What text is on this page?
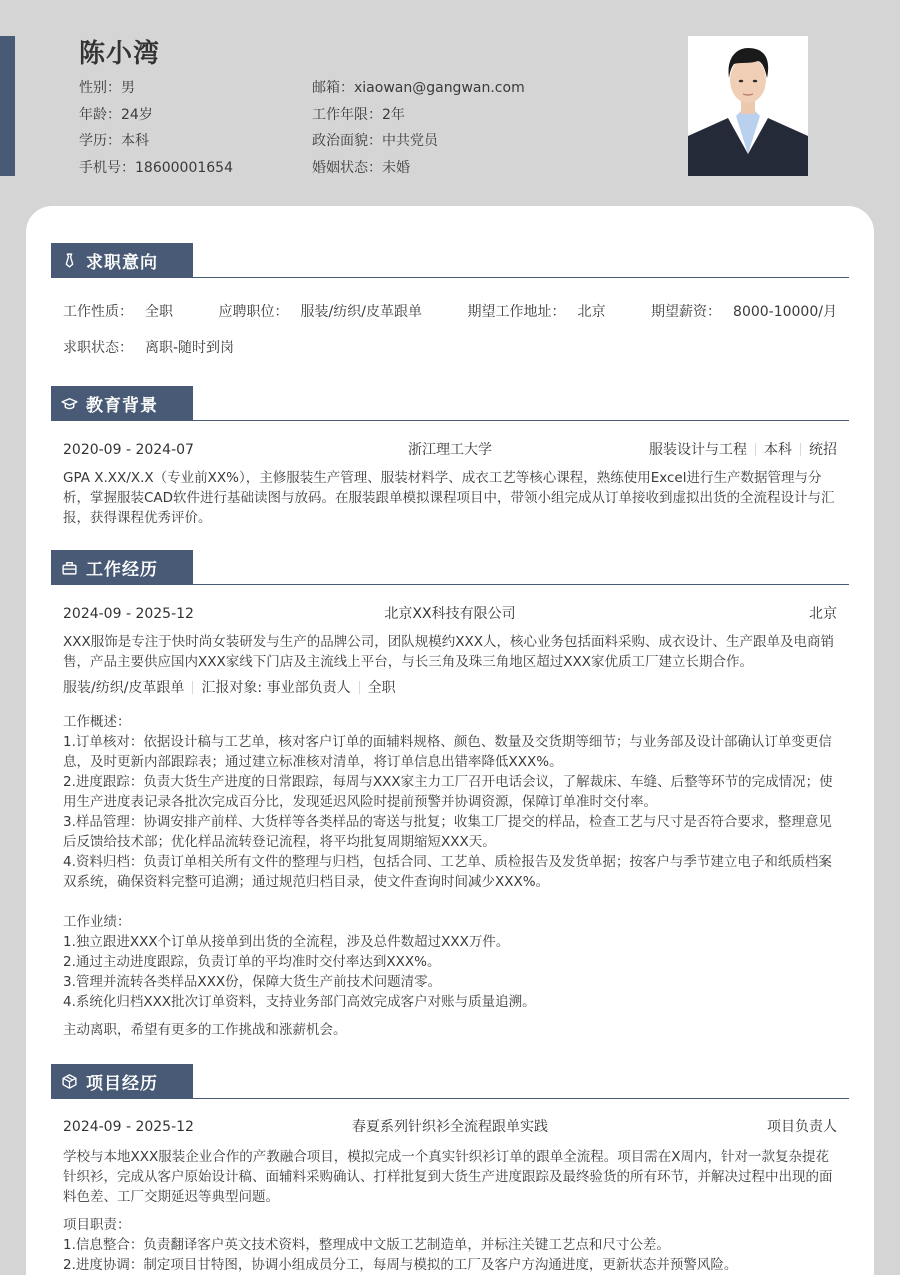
陈小湾
性别：男
年龄：24岁
学历：本科
手机号：18600001654
邮箱：xiaowan@gangwan.com
工作年限：2年
政治面貌：中共党员
婚姻状态：未婚
求职意向
工作性质： 全职	应聘职位： 服装/纺织/皮革跟单	期望工作地址： 北京	期望薪资： 8000-10000/月
求职状态： 离职-随时到岗
教育背景
2020-09 - 2024-07	浙江理工大学	服装设计与工程 本科 统招
GPA X.XX/X.X（专业前XX%），主修服装生产管理、服装材料学、成衣工艺等核心课程，熟练使用Excel进行生产数据管理与分析，掌握服装CAD软件进行基础读图与放码。在服装跟单模拟课程项目中，带领小组完成从订单接收到虚拟出货的全流程设计与汇报，获得课程优秀评价。
工作经历
2024-09 - 2025-12	北京XX科技有限公司	北京
XXX服饰是专注于快时尚女装研发与生产的品牌公司，团队规模约XXX人，核心业务包括面料采购、成衣设计、生产跟单及电商销售，产品主要供应国内XXX家线下门店及主流线上平台，与长三角及珠三角地区超过XXX家优质工厂建立长期合作。
服装/纺织/皮革跟单 汇报对象: 事业部负责人 全职
工作概述：
1.订单核对：依据设计稿与工艺单，核对客户订单的面辅料规格、颜色、数量及交货期等细节；与业务部及设计部确认订单变更信息，及时更新内部跟踪表；通过建立标准核对清单，将订单信息出错率降低XXX%。
2.进度跟踪：负责大货生产进度的日常跟踪，每周与XXX家主力工厂召开电话会议，了解裁床、车缝、后整等环节的完成情况；使用生产进度表记录各批次完成百分比，发现延迟风险时提前预警并协调资源，保障订单准时交付率。
3.样品管理：协调安排产前样、大货样等各类样品的寄送与批复；收集工厂提交的样品，检查工艺与尺寸是否符合要求，整理意见后反馈给技术部；优化样品流转登记流程，将平均批复周期缩短XXX天。
4.资料归档：负责订单相关所有文件的整理与归档，包括合同、工艺单、质检报告及发货单据；按客户与季节建立电子和纸质档案双系统，确保资料完整可追溯；通过规范归档目录，使文件查询时间减少XXX%。
工作业绩：
1.独立跟进XXX个订单从接单到出货的全流程，涉及总件数超过XXX万件。
2.通过主动进度跟踪，负责订单的平均准时交付率达到XXX%。
3.管理并流转各类样品XXX份，保障大货生产前技术问题清零。
4.系统化归档XXX批次订单资料，支持业务部门高效完成客户对账与质量追溯。
主动离职，希望有更多的工作挑战和涨薪机会。
项目经历
2024-09 - 2025-12	春夏系列针织衫全流程跟单实践	项目负责人
学校与本地XXX服装企业合作的产教融合项目，模拟完成一个真实针织衫订单的跟单全流程。项目需在X周内，针对一款复杂提花针织衫，完成从客户原始设计稿、面辅料采购确认、打样批复到大货生产进度跟踪及最终验货的所有环节，并解决过程中出现的面料色差、工厂交期延迟等典型问题。
项目职责：
1.信息整合：负责翻译客户英文技术资料，整理成中文版工艺制造单，并标注关键工艺点和尺寸公差。
2.进度协调：制定项目甘特图，协调小组成员分工，每周与模拟的工厂及客户方沟通进度，更新状态并预警风险。
